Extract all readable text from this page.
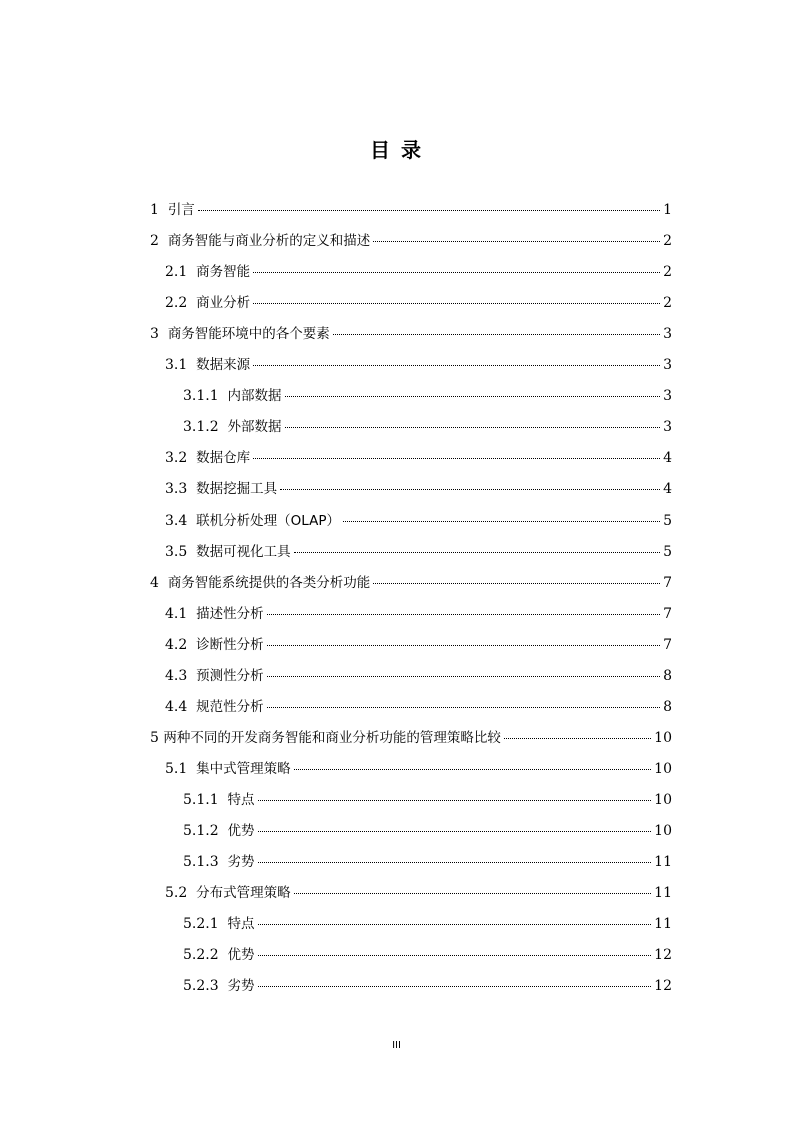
目 录
1 引言	1
2 商务智能与商业分析的定义和描述	2
2.1 商务智能	2
2.2 商业分析	2
3 商务智能环境中的各个要素	3
3.1 数据来源	3
3.1.1 内部数据	3
3.1.2 外部数据	3
3.2 数据仓库	4
3.3 数据挖掘工具	4
3.4 联机分析处理（OLAP）	5
3.5 数据可视化工具	5
4 商务智能系统提供的各类分析功能	7
4.1 描述性分析	7
4.2 诊断性分析	7
4.3 预测性分析	8
4.4 规范性分析	8
5 两种不同的开发商务智能和商业分析功能的管理策略比较	10
5.1 集中式管理策略	10
5.1.1 特点	10
5.1.2 优势	10
5.1.3 劣势	11
5.2 分布式管理策略	11
5.2.1 特点	11
5.2.2 优势	12
5.2.3 劣势	12
III
